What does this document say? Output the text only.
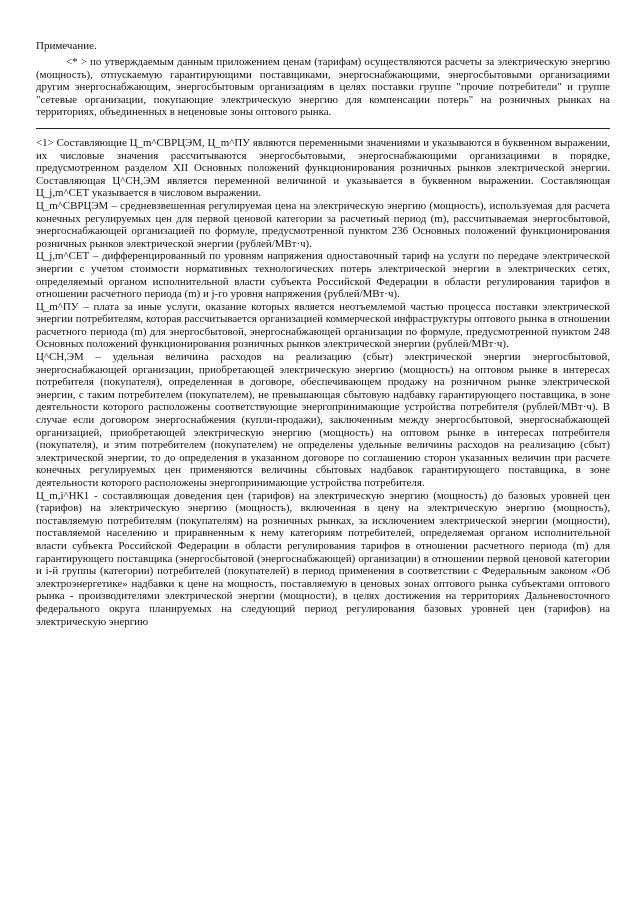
Примечание.

<* > по утверждаемым данным приложением ценам (тарифам) осуществляются расчеты за электрическую энергию (мощность), отпускаемую гарантирующими поставщиками, энергоснабжающими, энергосбытовыми организациями другим энергоснабжающим, энергосбытовым организациям в целях поставки группе "прочие потребители" и группе "сетевые организации, покупающие электрическую энергию для компенсации потерь" на розничных рынках на территориях, объединенных в неценовые зоны оптового рынка.

<1> Составляющие Ц_m^СВРЦЭМ, Ц_m^ПУ являются переменными значениями и указываются в буквенном выражении, их числовые значения рассчитываются энергосбытовыми, энергоснабжающими организациями в порядке, предусмотренном разделом XII Основных положений функционирования розничных рынков электрической энергии. Составляющая Ц^СН,ЭМ является переменной величиной и указывается в буквенном выражении. Составляющая Ц_j,m^СЕТ указывается в числовом выражении.

Ц_m^СВРЦЭМ – средневзвешенная регулируемая цена на электрическую энергию (мощность), используемая для расчета конечных регулируемых цен для первой ценовой категории за расчетный период (m), рассчитываемая энергосбытовой, энергоснабжающей организацией по формуле, предусмотренной пунктом 236 Основных положений функционирования розничных рынков электрической энергии (рублей/МВт·ч).

Ц_j,m^СЕТ – дифференцированный по уровням напряжения одноставочный тариф на услуги по передаче электрической энергии с учетом стоимости нормативных технологических потерь электрической энергии в электрических сетях, определяемый органом исполнительной власти субъекта Российской Федерации в области регулирования тарифов в отношении расчетного периода (m) и j-го уровня напряжения (рублей/МВт·ч).

Ц_m^ПУ – плата за иные услуги, оказание которых является неотъемлемой частью процесса поставки электрической энергии потребителям, которая рассчитывается организацией коммерческой инфраструктуры оптового рынка в отношении расчетного периода (m) для энергосбытовой, энергоснабжающей организации по формуле, предусмотренной пунктом 248 Основных положений функционирования розничных рынков электрической энергии (рублей/МВт·ч).

Ц^СН,ЭМ – удельная величина расходов на реализацию (сбыт) электрической энергии энергосбытовой, энергоснабжающей организации, приобретающей электрическую энергию (мощность) на оптовом рынке в интересах потребителя (покупателя), определенная в договоре, обеспечивающем продажу на розничном рынке электрической энергии, с таким потребителем (покупателем), не превышающая сбытовую надбавку гарантирующего поставщика, в зоне деятельности которого расположены соответствующие энергопринимающие устройства потребителя (рублей/МВт·ч). В случае если договором энергоснабжения (купли-продажи), заключенным между энергосбытовой, энергоснабжающей организацией, приобретающей электрическую энергию (мощность) на оптовом рынке в интересах потребителя (покупателя), и этим потребителем (покупателем) не определены удельные величины расходов на реализацию (сбыт) электрической энергии, то до определения в указанном договоре по соглашению сторон указанных величин при расчете конечных регулируемых цен применяются величины сбытовых надбавок гарантирующего поставщика, в зоне деятельности которого расположены энергопринимающие устройства потребителя.

Ц_m,i^НК1 - составляющая доведения цен (тарифов) на электрическую энергию (мощность) до базовых уровней цен (тарифов) на электрическую энергию (мощность), включенная в цену на электрическую энергию (мощность), поставляемую потребителям (покупателям) на розничных рынках, за исключением электрической энергии (мощности), поставляемой населению и приравненным к нему категориям потребителей, определяемая органом исполнительной власти субъекта Российской Федерации в области регулирования тарифов в отношении расчетного периода (m) для гарантирующего поставщика (энергосбытовой (энергоснабжающей) организации) в отношении первой ценовой категории и i-й группы (категории) потребителей (покупателей) в период применения в соответствии с Федеральным законом «Об электроэнергетике» надбавки к цене на мощность, поставляемую в ценовых зонах оптового рынка субъектами оптового рынка - производителями электрической энергии (мощности), в целях достижения на территориях Дальневосточного федерального округа планируемых на следующий период регулирования базовых уровней цен (тарифов) на электрическую энергию
